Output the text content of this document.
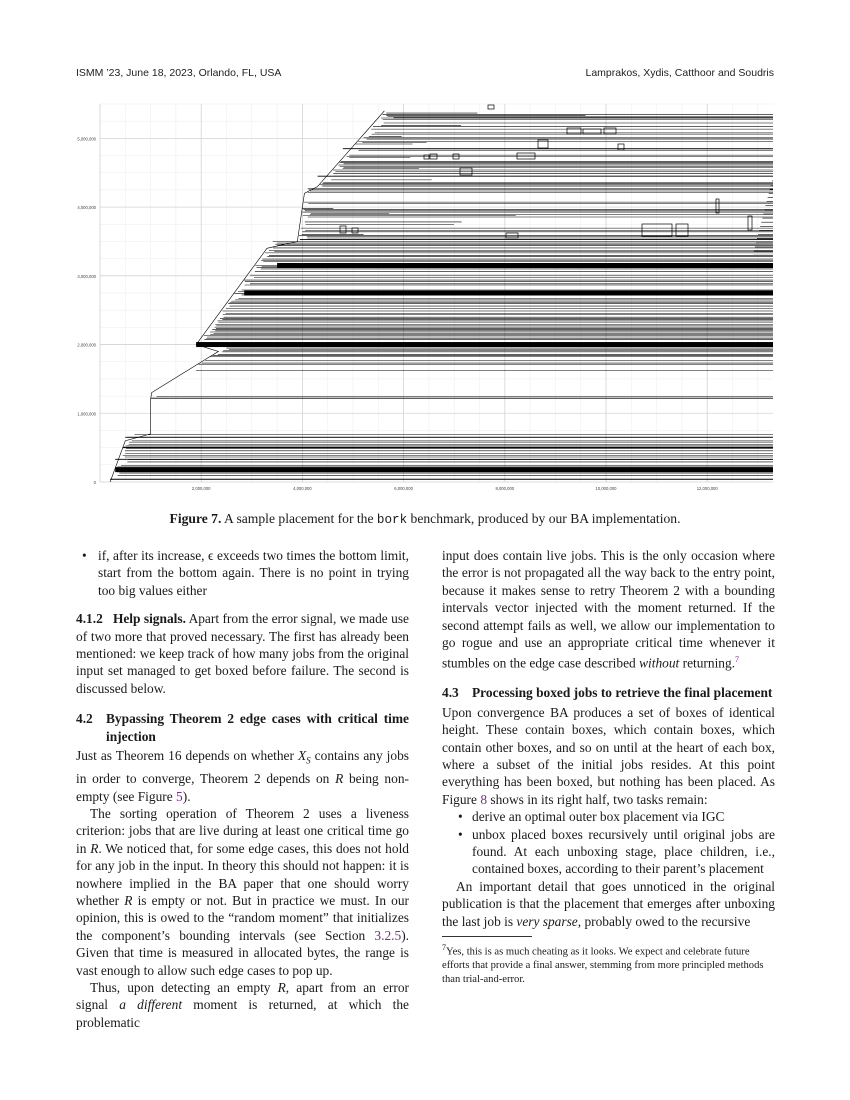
ISMM ’23, June 18, 2023, Orlando, FL, USA	Lamprakos, Xydis, Catthoor and Soudris
0
1,000,000
2,000,000
3,000,000
4,000,000
5,000,000
2,000,000	4,000,000	6,000,000	8,000,000	10,000,000	12,000,000
Figure 7. A sample placement for the bork benchmark, produced by our BA implementation.
• if, after its increase, ϵ exceeds two times the bottom limit, start from the bottom again. There is no point in trying too big values either

4.1.2 Help signals. Apart from the error signal, we made use of two more that proved necessary. The first has already been mentioned: we keep track of how many jobs from the original input set managed to get boxed before failure. The second is discussed below.

4.2 Bypassing Theorem 2 edge cases with critical time injection

Just as Theorem 16 depends on whether $X_S$ contains any jobs in order to converge, Theorem 2 depends on R being non-empty (see Figure 5).

The sorting operation of Theorem 2 uses a liveness criterion: jobs that are live during at least one critical time go in R. We noticed that, for some edge cases, this does not hold for any job in the input. In theory this should not happen: it is nowhere implied in the BA paper that one should worry whether R is empty or not. But in practice we must. In our opinion, this is owed to the “random moment” that initializes the component’s bounding intervals (see Section 3.2.5). Given that time is measured in allocated bytes, the range is vast enough to allow such edge cases to pop up.

Thus, upon detecting an empty R, apart from an error signal a different moment is returned, at which the problematic

input does contain live jobs. This is the only occasion where the error is not propagated all the way back to the entry point, because it makes sense to retry Theorem 2 with a bounding intervals vector injected with the moment returned. If the second attempt fails as well, we allow our implementation to go rogue and use an appropriate critical time whenever it stumbles on the edge case described without returning.$^7$

4.3 Processing boxed jobs to retrieve the final placement

Upon convergence BA produces a set of boxes of identical height. These contain boxes, which contain boxes, which contain other boxes, and so on until at the heart of each box, where a subset of the initial jobs resides. At this point everything has been boxed, but nothing has been placed. As Figure 8 shows in its right half, two tasks remain:

• derive an optimal outer box placement via IGC
• unbox placed boxes recursively until original jobs are found. At each unboxing stage, place children, i.e., contained boxes, according to their parent’s placement

An important detail that goes unnoticed in the original publication is that the placement that emerges after unboxing the last job is very sparse, probably owed to the recursive

$^7$Yes, this is as much cheating as it looks. We expect and celebrate future efforts that provide a final answer, stemming from more principled methods than trial-and-error.
